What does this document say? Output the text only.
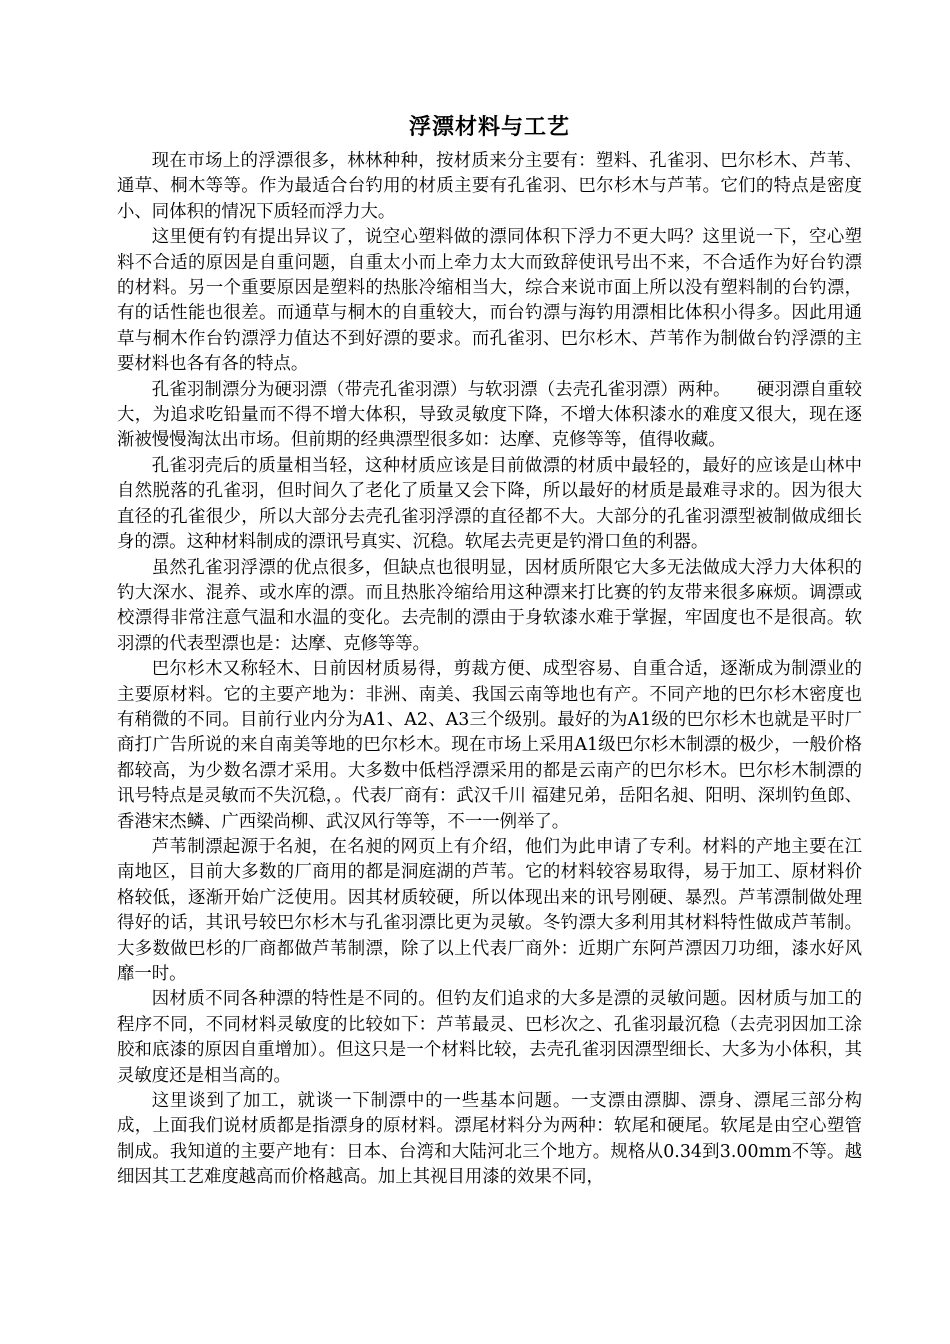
浮漂材料与工艺

现在市场上的浮漂很多，林林种种，按材质来分主要有：塑料、孔雀羽、巴尔杉木、芦苇、通草、桐木等等。作为最适合台钓用的材质主要有孔雀羽、巴尔杉木与芦苇。它们的特点是密度小、同体积的情况下质轻而浮力大。

这里便有钓有提出异议了，说空心塑料做的漂同体积下浮力不更大吗？这里说一下，空心塑料不合适的原因是自重问题，自重太小而上牵力太大而致辞使讯号出不来，不合适作为好台钓漂的材料。另一个重要原因是塑料的热胀冷缩相当大，综合来说市面上所以没有塑料制的台钓漂，有的话性能也很差。而通草与桐木的自重较大，而台钓漂与海钓用漂相比体积小得多。因此用通草与桐木作台钓漂浮力值达不到好漂的要求。而孔雀羽、巴尔杉木、芦苇作为制做台钓浮漂的主要材料也各有各的特点。

孔雀羽制漂分为硬羽漂（带壳孔雀羽漂）与软羽漂（去壳孔雀羽漂）两种。　　硬羽漂自重较大，为追求吃铅量而不得不增大体积，导致灵敏度下降，不增大体积漆水的难度又很大，现在逐渐被慢慢淘汰出市场。但前期的经典漂型很多如：达摩、克修等等，值得收藏。

孔雀羽壳后的质量相当轻，这种材质应该是目前做漂的材质中最轻的，最好的应该是山林中自然脱落的孔雀羽，但时间久了老化了质量又会下降，所以最好的材质是最难寻求的。因为很大直径的孔雀很少，所以大部分去壳孔雀羽浮漂的直径都不大。大部分的孔雀羽漂型被制做成细长身的漂。这种材料制成的漂讯号真实、沉稳。软尾去壳更是钓滑口鱼的利器。

虽然孔雀羽浮漂的优点很多，但缺点也很明显，因材质所限它大多无法做成大浮力大体积的钓大深水、混养、或水库的漂。而且热胀冷缩给用这种漂来打比赛的钓友带来很多麻烦。调漂或校漂得非常注意气温和水温的变化。去壳制的漂由于身软漆水难于掌握，牢固度也不是很高。软羽漂的代表型漂也是：达摩、克修等等。

巴尔杉木又称轻木、日前因材质易得，剪裁方便、成型容易、自重合适，逐渐成为制漂业的主要原材料。它的主要产地为：非洲、南美、我国云南等地也有产。不同产地的巴尔杉木密度也有稍微的不同。目前行业内分为A1、A2、A3三个级别。最好的为A1级的巴尔杉木也就是平时厂商打广告所说的来自南美等地的巴尔杉木。现在市场上采用A1级巴尔杉木制漂的极少，一般价格都较高，为少数名漂才采用。大多数中低档浮漂采用的都是云南产的巴尔杉木。巴尔杉木制漂的讯号特点是灵敏而不失沉稳，。代表厂商有：武汉千川 福建兄弟，岳阳名昶、阳明、深圳钓鱼郎、香港宋杰鳞、广西梁尚柳、武汉风行等等，不一一例举了。

芦苇制漂起源于名昶，在名昶的网页上有介绍，他们为此申请了专利。材料的产地主要在江南地区，目前大多数的厂商用的都是洞庭湖的芦苇。它的材料较容易取得，易于加工、原材料价格较低，逐渐开始广泛使用。因其材质较硬，所以体现出来的讯号刚硬、暴烈。芦苇漂制做处理得好的话，其讯号较巴尔杉木与孔雀羽漂比更为灵敏。冬钓漂大多利用其材料特性做成芦苇制。大多数做巴杉的厂商都做芦苇制漂，除了以上代表厂商外：近期广东阿芦漂因刀功细，漆水好风靡一时。

因材质不同各种漂的特性是不同的。但钓友们追求的大多是漂的灵敏问题。因材质与加工的程序不同，不同材料灵敏度的比较如下：芦苇最灵、巴杉次之、孔雀羽最沉稳（去壳羽因加工涂胶和底漆的原因自重增加）。但这只是一个材料比较，去壳孔雀羽因漂型细长、大多为小体积，其灵敏度还是相当高的。

这里谈到了加工，就谈一下制漂中的一些基本问题。一支漂由漂脚、漂身、漂尾三部分构成，上面我们说材质都是指漂身的原材料。漂尾材料分为两种：软尾和硬尾。软尾是由空心塑管制成。我知道的主要产地有：日本、台湾和大陆河北三个地方。规格从0.34到3.00mm不等。越细因其工艺难度越高而价格越高。加上其视目用漆的效果不同，
